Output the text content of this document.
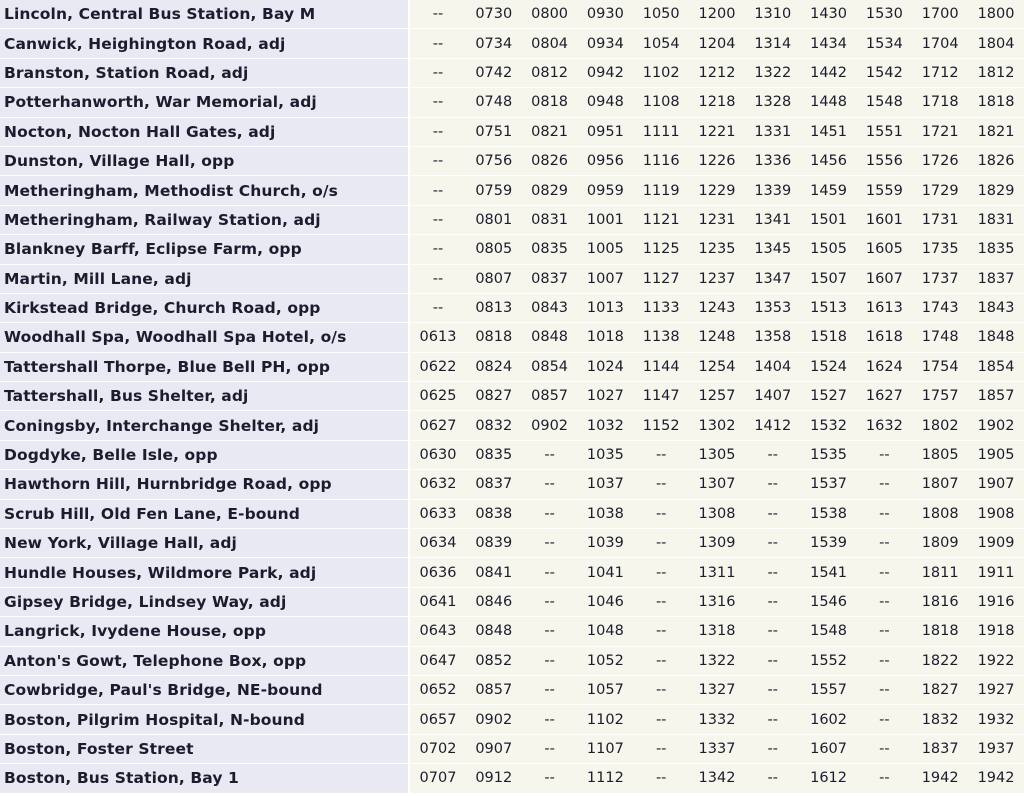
Lincoln, Central Bus Station, Bay M	--	0730	0800	0930	1050	1200	1310	1430	1530	1700	1800
Canwick, Heighington Road, adj	--	0734	0804	0934	1054	1204	1314	1434	1534	1704	1804
Branston, Station Road, adj	--	0742	0812	0942	1102	1212	1322	1442	1542	1712	1812
Potterhanworth, War Memorial, adj	--	0748	0818	0948	1108	1218	1328	1448	1548	1718	1818
Nocton, Nocton Hall Gates, adj	--	0751	0821	0951	1111	1221	1331	1451	1551	1721	1821
Dunston, Village Hall, opp	--	0756	0826	0956	1116	1226	1336	1456	1556	1726	1826
Metheringham, Methodist Church, o/s	--	0759	0829	0959	1119	1229	1339	1459	1559	1729	1829
Metheringham, Railway Station, adj	--	0801	0831	1001	1121	1231	1341	1501	1601	1731	1831
Blankney Barff, Eclipse Farm, opp	--	0805	0835	1005	1125	1235	1345	1505	1605	1735	1835
Martin, Mill Lane, adj	--	0807	0837	1007	1127	1237	1347	1507	1607	1737	1837
Kirkstead Bridge, Church Road, opp	--	0813	0843	1013	1133	1243	1353	1513	1613	1743	1843
Woodhall Spa, Woodhall Spa Hotel, o/s	0613	0818	0848	1018	1138	1248	1358	1518	1618	1748	1848
Tattershall Thorpe, Blue Bell PH, opp	0622	0824	0854	1024	1144	1254	1404	1524	1624	1754	1854
Tattershall, Bus Shelter, adj	0625	0827	0857	1027	1147	1257	1407	1527	1627	1757	1857
Coningsby, Interchange Shelter, adj	0627	0832	0902	1032	1152	1302	1412	1532	1632	1802	1902
Dogdyke, Belle Isle, opp	0630	0835	--	1035	--	1305	--	1535	--	1805	1905
Hawthorn Hill, Hurnbridge Road, opp	0632	0837	--	1037	--	1307	--	1537	--	1807	1907
Scrub Hill, Old Fen Lane, E-bound	0633	0838	--	1038	--	1308	--	1538	--	1808	1908
New York, Village Hall, adj	0634	0839	--	1039	--	1309	--	1539	--	1809	1909
Hundle Houses, Wildmore Park, adj	0636	0841	--	1041	--	1311	--	1541	--	1811	1911
Gipsey Bridge, Lindsey Way, adj	0641	0846	--	1046	--	1316	--	1546	--	1816	1916
Langrick, Ivydene House, opp	0643	0848	--	1048	--	1318	--	1548	--	1818	1918
Anton's Gowt, Telephone Box, opp	0647	0852	--	1052	--	1322	--	1552	--	1822	1922
Cowbridge, Paul's Bridge, NE-bound	0652	0857	--	1057	--	1327	--	1557	--	1827	1927
Boston, Pilgrim Hospital, N-bound	0657	0902	--	1102	--	1332	--	1602	--	1832	1932
Boston, Foster Street	0702	0907	--	1107	--	1337	--	1607	--	1837	1937
Boston, Bus Station, Bay 1	0707	0912	--	1112	--	1342	--	1612	--	1942	1942
